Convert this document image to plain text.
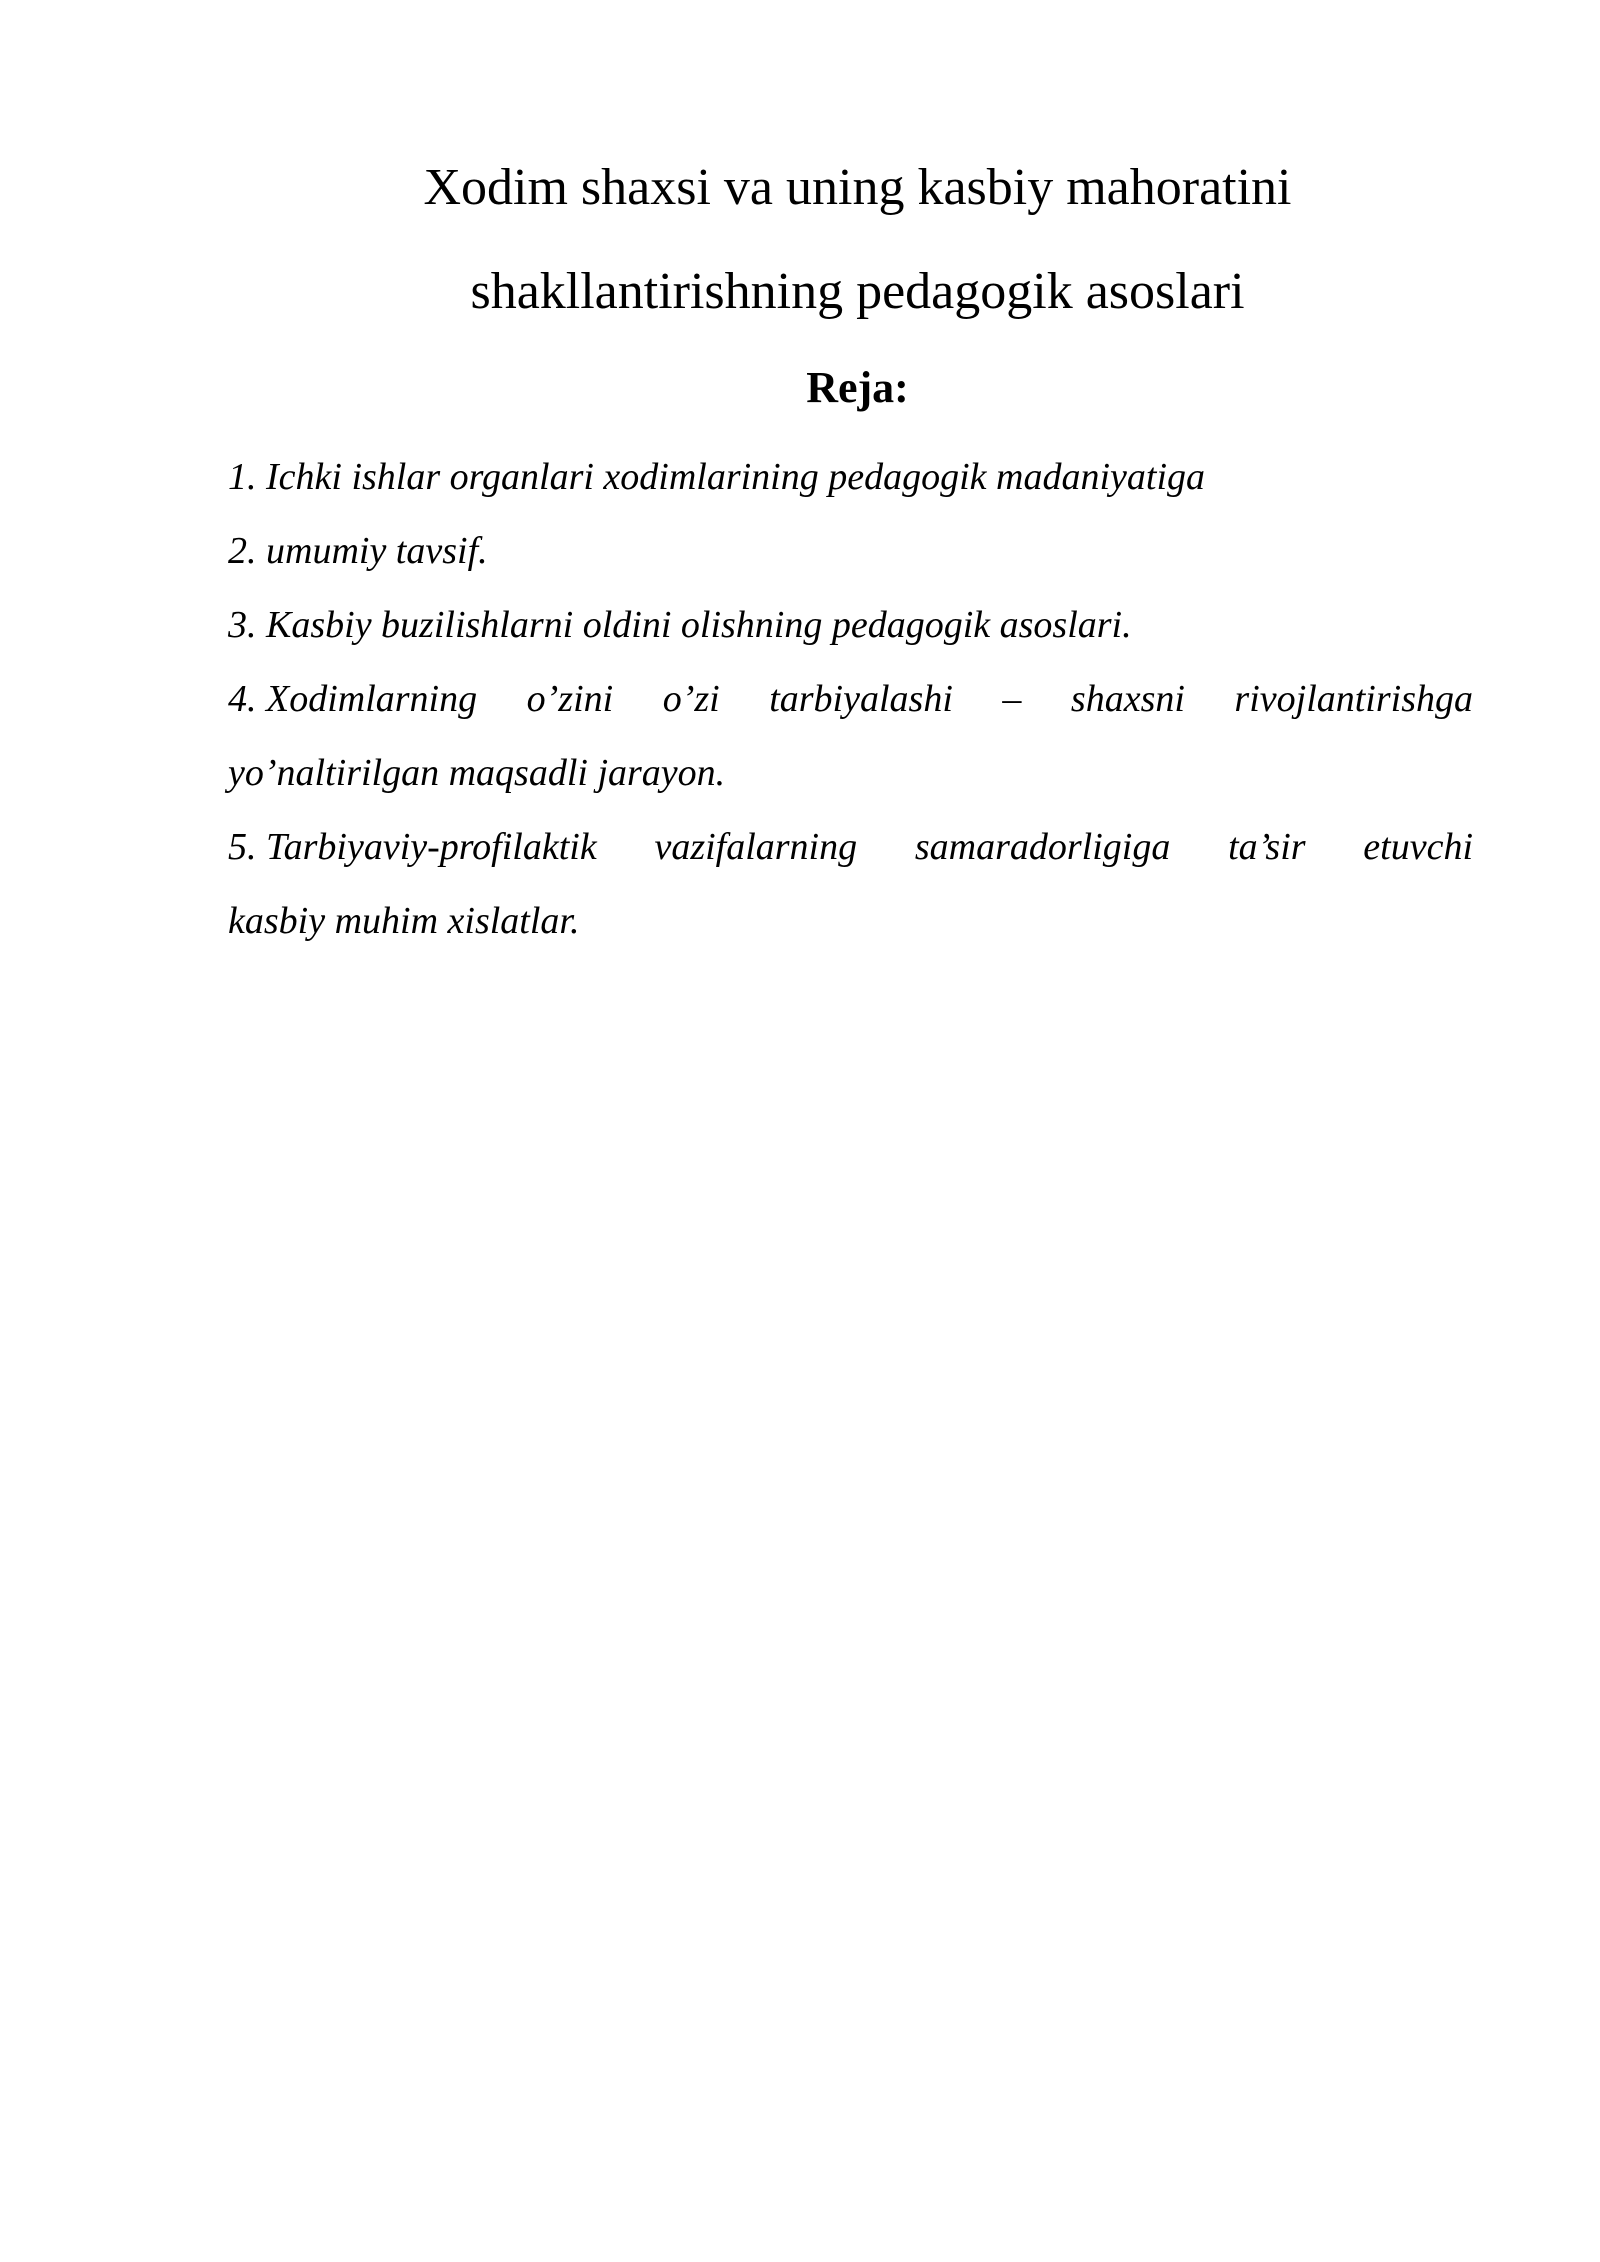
Xodim shaxsi va uning kasbiy mahoratini
shakllantirishning pedagogik asoslari
Reja:
1. Ichki ishlar organlari xodimlarining pedagogik madaniyatiga
2. umumiy tavsif.
3. Kasbiy buzilishlarni oldini olishning pedagogik asoslari.
4. Xodimlarning o’zini o’zi tarbiyalashi – shaxsni rivojlantirishga
yo’naltirilgan maqsadli jarayon.
5. Tarbiyaviy-profilaktik vazifalarning samaradorligiga ta’sir etuvchi
kasbiy muhim xislatlar.
